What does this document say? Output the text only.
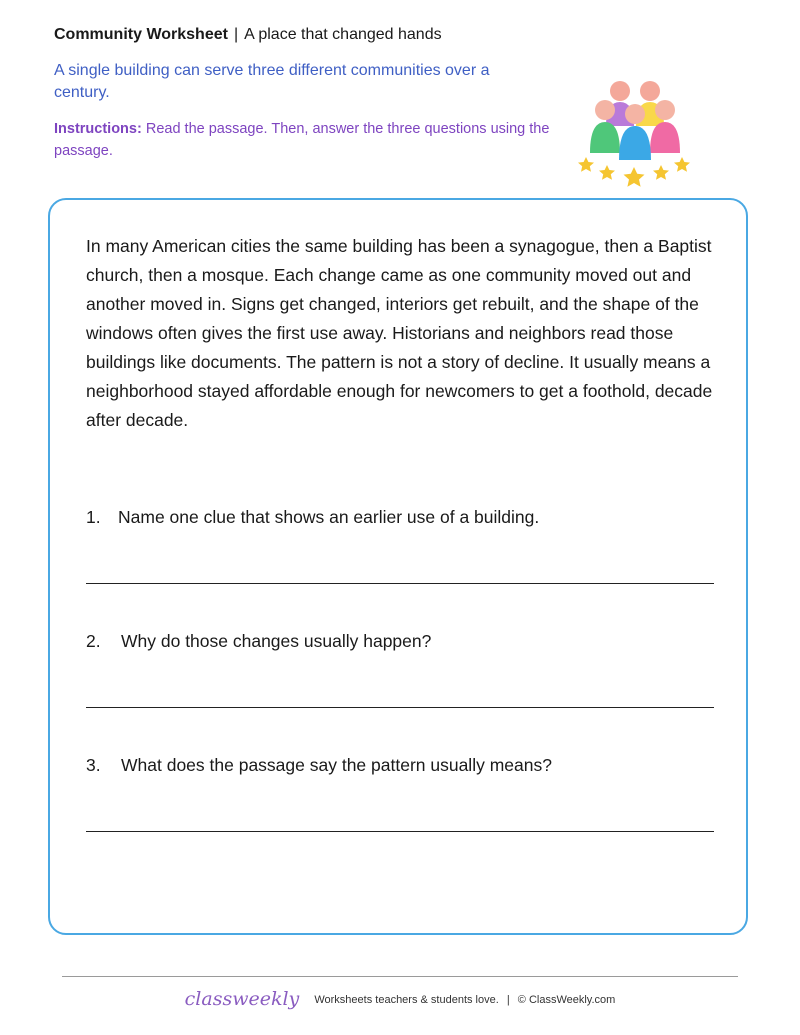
Community Worksheet | A place that changed hands
A single building can serve three different communities over a century.
Instructions: Read the passage. Then, answer the three questions using the passage.
In many American cities the same building has been a synagogue, then a Baptist church, then a mosque. Each change came as one community moved out and another moved in. Signs get changed, interiors get rebuilt, and the shape of the windows often gives the first use away. Historians and neighbors read those buildings like documents. The pattern is not a story of decline. It usually means a neighborhood stayed affordable enough for newcomers to get a foothold, decade after decade.
1. Name one clue that shows an earlier use of a building.
2. Why do those changes usually happen?
3. What does the passage say the pattern usually means?
classweekly Worksheets teachers & students love. | © ClassWeekly.com
